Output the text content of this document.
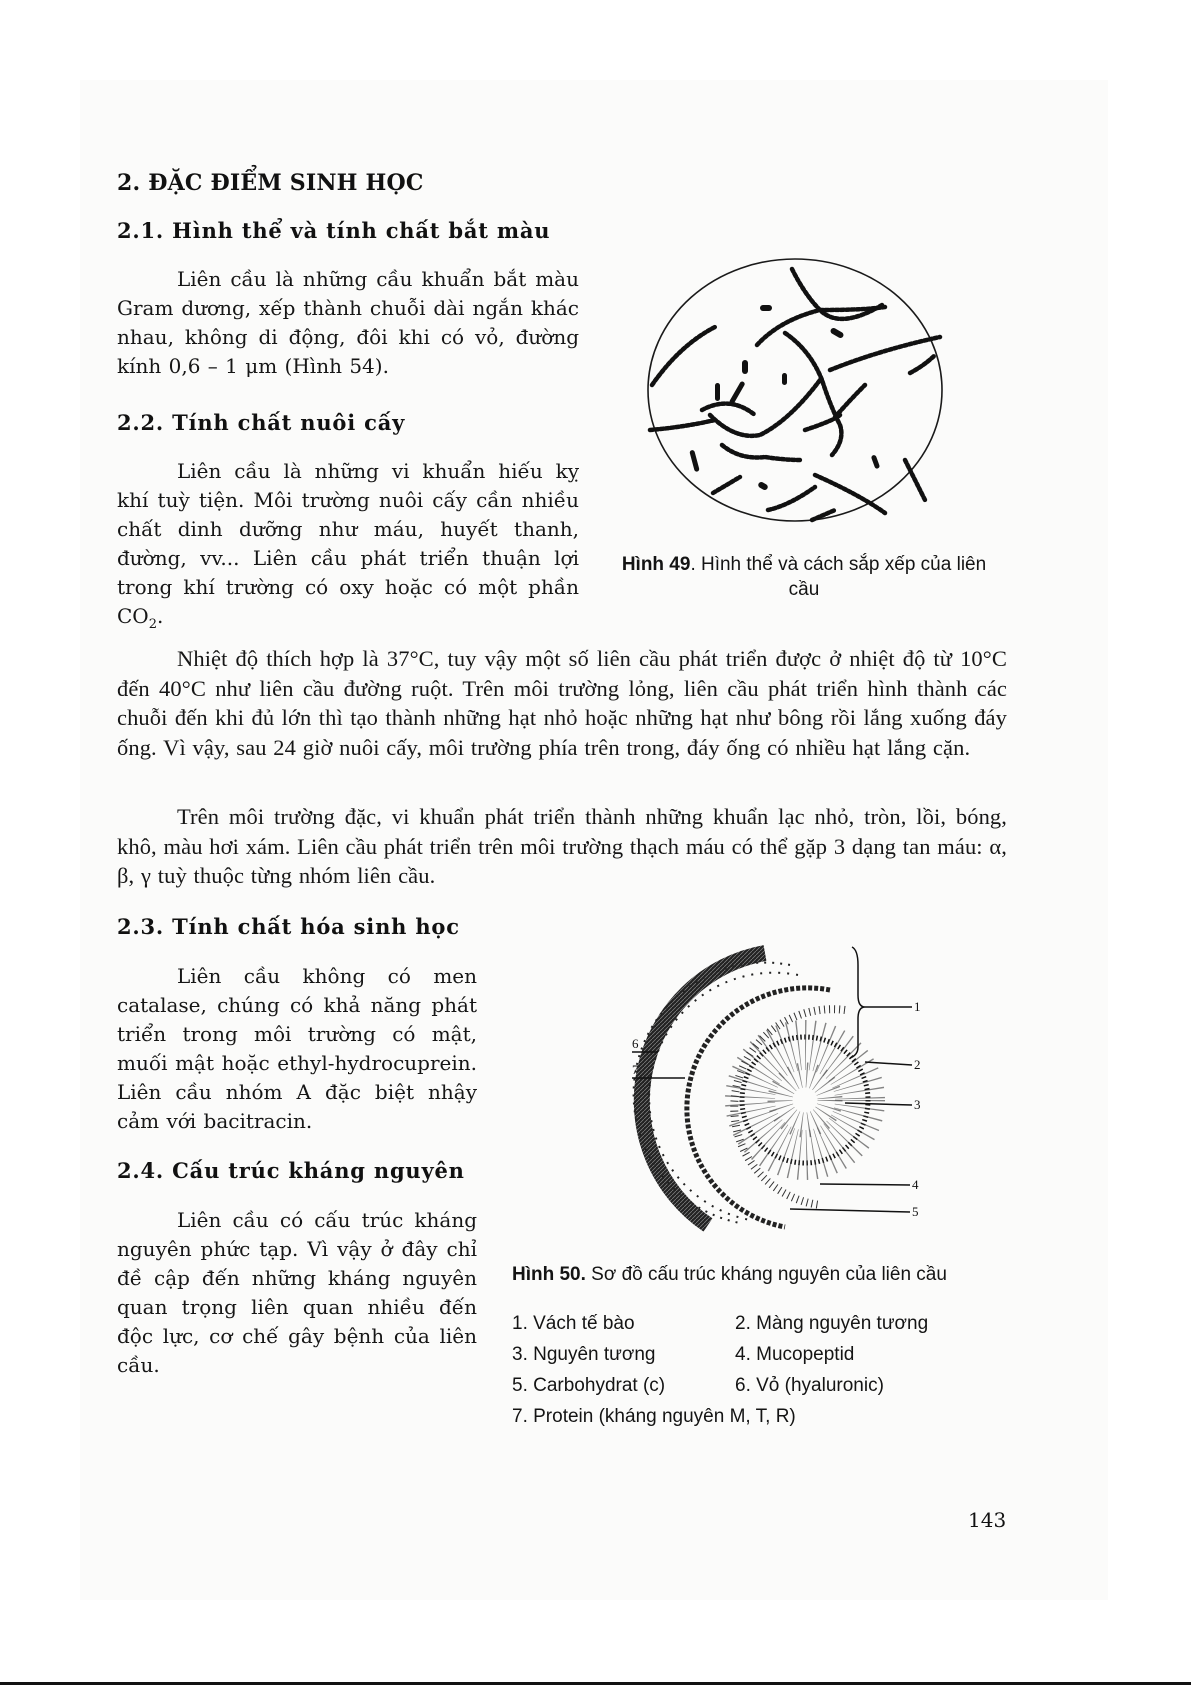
2. ĐẶC ĐIỂM SINH HỌC
2.1. Hình thể và tính chất bắt màu

Liên cầu là những cầu khuẩn bắt màu Gram dương, xếp thành chuỗi dài ngắn khác nhau, không di động, đôi khi có vỏ, đường kính 0,6 – 1 μm (Hình 54).

Hình 49. Hình thể và cách sắp xếp của liên cầu
2.2. Tính chất nuôi cấy

Liên cầu là những vi khuẩn hiếu kỵ khí tuỳ tiện. Môi trường nuôi cấy cần nhiều chất dinh dưỡng như máu, huyết thanh, đường, vv... Liên cầu phát triển thuận lợi trong khí trường có oxy hoặc có một phần $CO_2$.

Nhiệt độ thích hợp là 37°C, tuy vậy một số liên cầu phát triển được ở nhiệt độ từ 10°C đến 40°C như liên cầu đường ruột. Trên môi trường lỏng, liên cầu phát triển hình thành các chuỗi đến khi đủ lớn thì tạo thành những hạt nhỏ hoặc những hạt như bông rồi lắng xuống đáy ống. Vì vậy, sau 24 giờ nuôi cấy, môi trường phía trên trong, đáy ống có nhiều hạt lắng cặn.

Trên môi trường đặc, vi khuẩn phát triển thành những khuẩn lạc nhỏ, tròn, lồi, bóng, khô, màu hơi xám. Liên cầu phát triển trên môi trường thạch máu có thể gặp 3 dạng tan máu: α, β, γ tuỳ thuộc từng nhóm liên cầu.

2.3. Tính chất hóa sinh học

Liên cầu không có men catalase, chúng có khả năng phát triển trong môi trường có mật, muối mật hoặc ethyl-hydrocuprein. Liên cầu nhóm A đặc biệt nhậy cảm với bacitracin.

2.4. Cấu trúc kháng nguyên

Liên cầu có cấu trúc kháng nguyên phức tạp. Vì vậy ở đây chỉ đề cập đến những kháng nguyên quan trọng liên quan nhiều đến độc lực, cơ chế gây bệnh của liên cầu.

1
2
3
4
5
6
7
Hình 50. Sơ đồ cấu trúc kháng nguyên của liên cầu
1. Vách tế bào	2. Màng nguyên tương
3. Nguyên tương	4. Mucopeptid
5. Carbohydrat (c)	6. Vỏ (hyaluronic)
7. Protein (kháng nguyên M, T, R)
143
